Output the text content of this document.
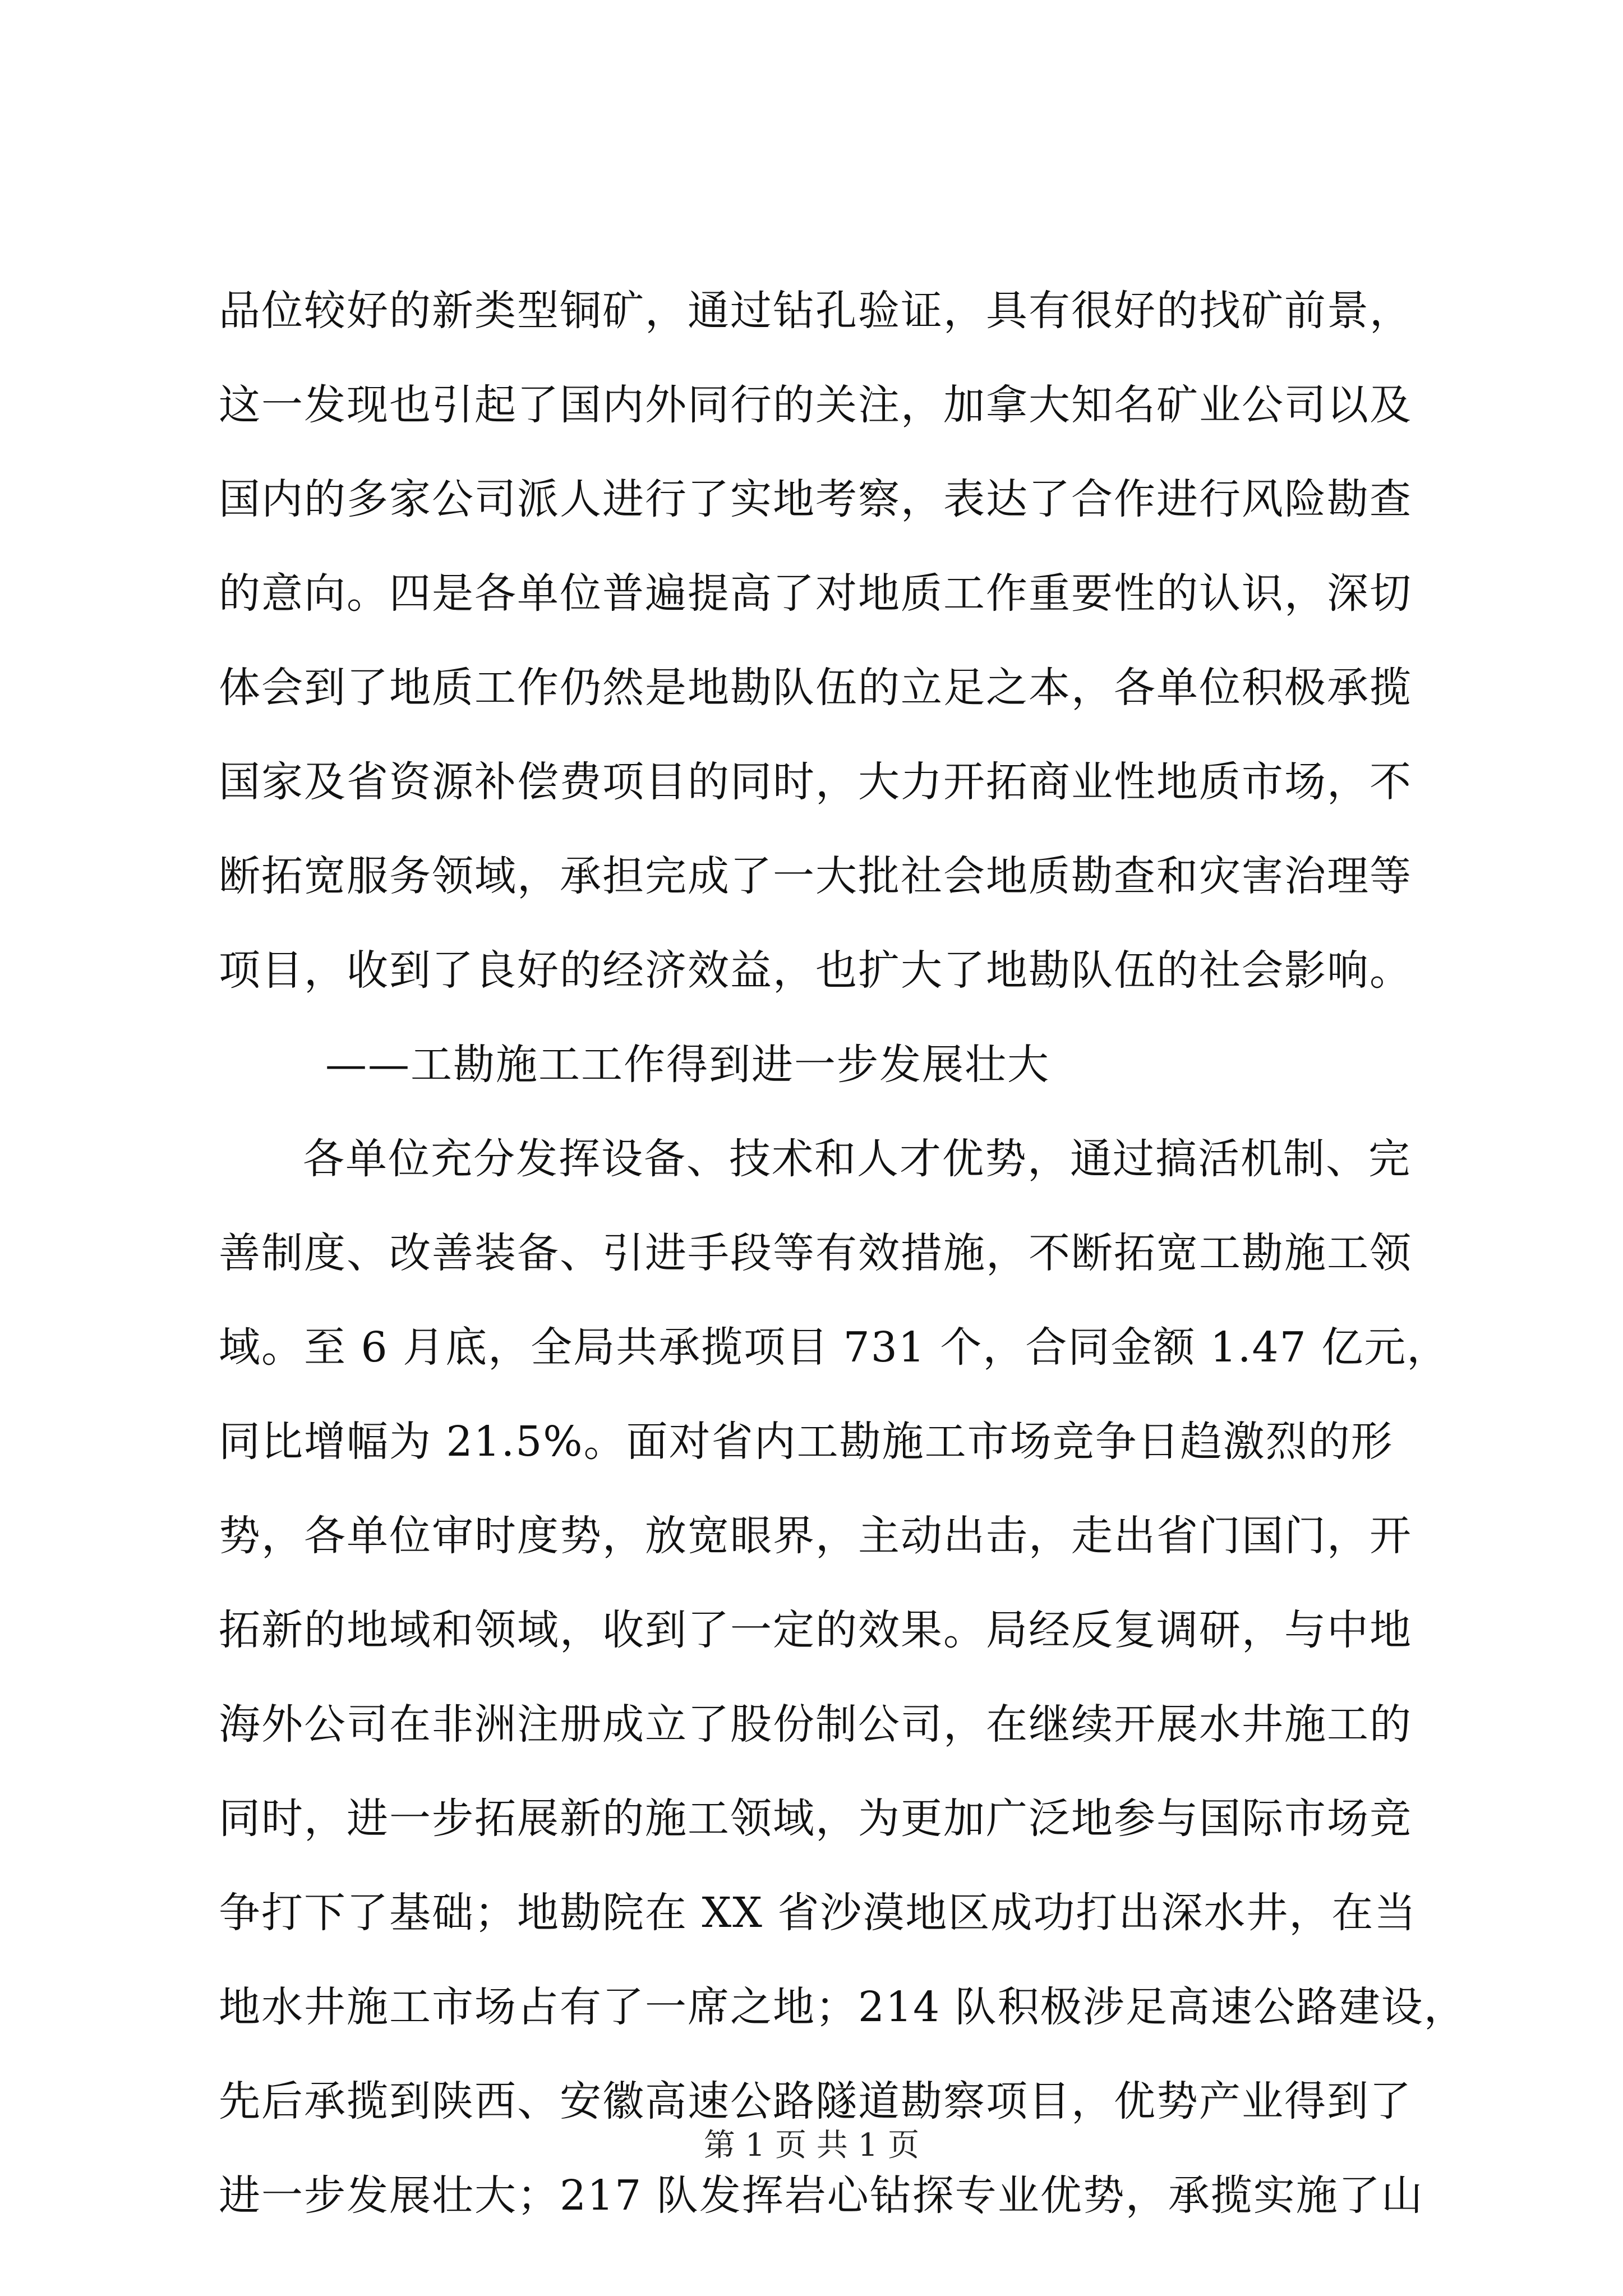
品位较好的新类型铜矿，通过钻孔验证，具有很好的找矿前景，
这一发现也引起了国内外同行的关注，加拿大知名矿业公司以及
国内的多家公司派人进行了实地考察，表达了合作进行风险勘查
的意向。四是各单位普遍提高了对地质工作重要性的认识，深切
体会到了地质工作仍然是地勘队伍的立足之本，各单位积极承揽
国家及省资源补偿费项目的同时，大力开拓商业性地质市场，不
断拓宽服务领域，承担完成了一大批社会地质勘查和灾害治理等
项目，收到了良好的经济效益，也扩大了地勘队伍的社会影响。
——工勘施工工作得到进一步发展壮大
各单位充分发挥设备、技术和人才优势，通过搞活机制、完
善制度、改善装备、引进手段等有效措施，不断拓宽工勘施工领
域。至 6 月底，全局共承揽项目 731 个，合同金额 1.47 亿元，
同比增幅为 21.5%。面对省内工勘施工市场竞争日趋激烈的形
势，各单位审时度势，放宽眼界，主动出击，走出省门国门，开
拓新的地域和领域，收到了一定的效果。局经反复调研，与中地
海外公司在非洲注册成立了股份制公司，在继续开展水井施工的
同时，进一步拓展新的施工领域，为更加广泛地参与国际市场竞
争打下了基础；地勘院在 XX 省沙漠地区成功打出深水井，在当
地水井施工市场占有了一席之地；214 队积极涉足高速公路建设，
先后承揽到陕西、安徽高速公路隧道勘察项目，优势产业得到了
进一步发展壮大；217 队发挥岩心钻探专业优势，承揽实施了山
第 1 页 共 1 页
